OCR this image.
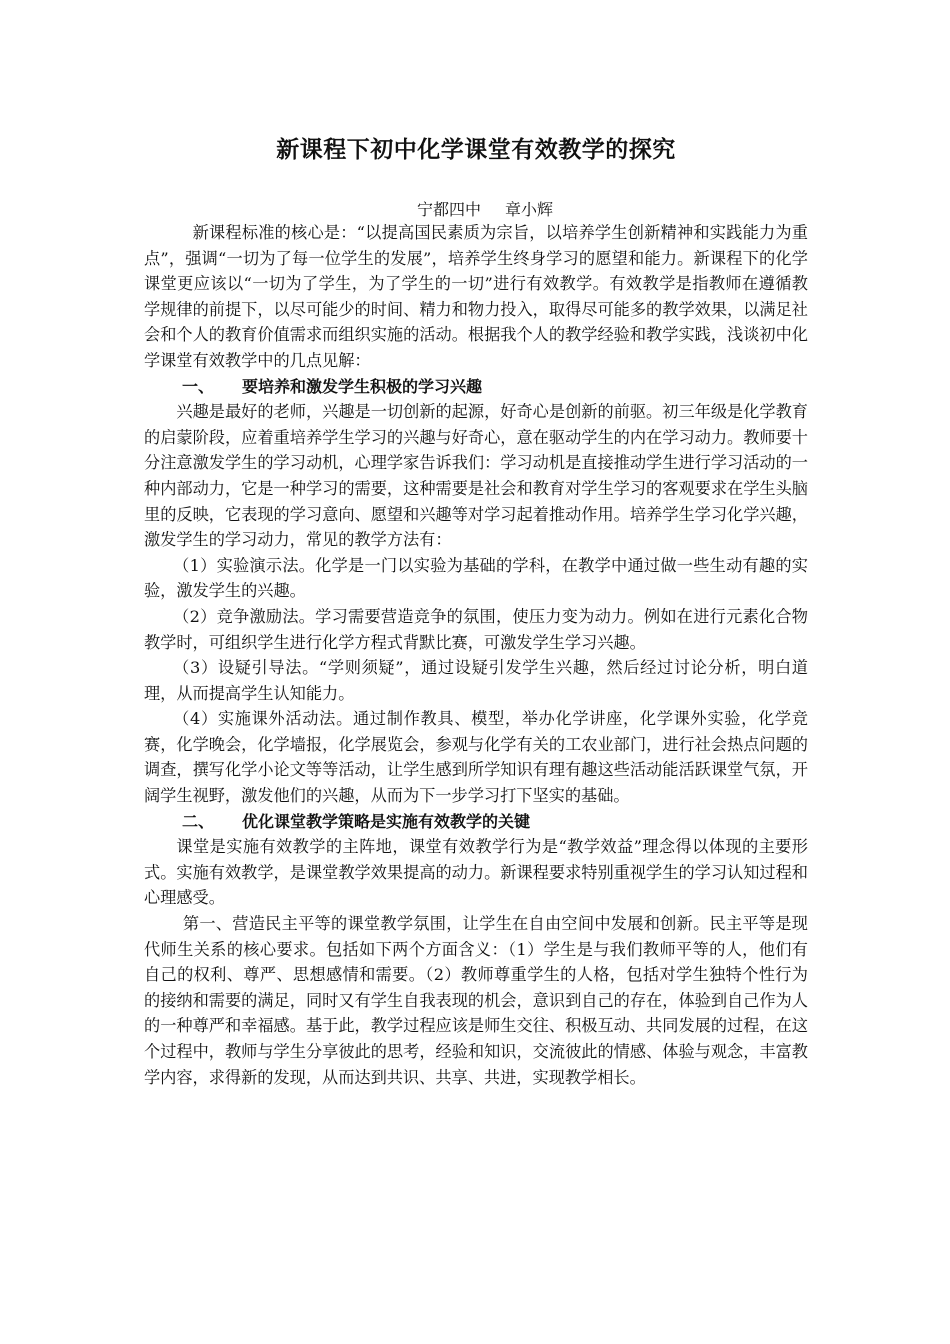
新课程下初中化学课堂有效教学的探究
宁都四中 章小辉

新课程标准的核心是：“以提高国民素质为宗旨，以培养学生创新精神和实践能力为重点”，强调“一切为了每一位学生的发展”，培养学生终身学习的愿望和能力。新课程下的化学课堂更应该以“一切为了学生，为了学生的一切”进行有效教学。有效教学是指教师在遵循教学规律的前提下，以尽可能少的时间、精力和物力投入，取得尽可能多的教学效果，以满足社会和个人的教育价值需求而组织实施的活动。根据我个人的教学经验和教学实践，浅谈初中化学课堂有效教学中的几点见解：

一、 要培养和激发学生积极的学习兴趣

兴趣是最好的老师，兴趣是一切创新的起源，好奇心是创新的前驱。初三年级是化学教育的启蒙阶段，应着重培养学生学习的兴趣与好奇心，意在驱动学生的内在学习动力。教师要十分注意激发学生的学习动机，心理学家告诉我们：学习动机是直接推动学生进行学习活动的一种内部动力，它是一种学习的需要，这种需要是社会和教育对学生学习的客观要求在学生头脑里的反映，它表现的学习意向、愿望和兴趣等对学习起着推动作用。培养学生学习化学兴趣，激发学生的学习动力，常见的教学方法有：

（1）实验演示法。化学是一门以实验为基础的学科，在教学中通过做一些生动有趣的实验，激发学生的兴趣。

（2）竞争激励法。学习需要营造竞争的氛围，使压力变为动力。例如在进行元素化合物教学时，可组织学生进行化学方程式背默比赛，可激发学生学习兴趣。

（3）设疑引导法。“学则须疑”，通过设疑引发学生兴趣，然后经过讨论分析，明白道理，从而提高学生认知能力。

（4）实施课外活动法。通过制作教具、模型，举办化学讲座，化学课外实验，化学竞赛，化学晚会，化学墙报，化学展览会，参观与化学有关的工农业部门，进行社会热点问题的调查，撰写化学小论文等等活动，让学生感到所学知识有理有趣这些活动能活跃课堂气氛，开阔学生视野，激发他们的兴趣，从而为下一步学习打下坚实的基础。

二、 优化课堂教学策略是实施有效教学的关键

课堂是实施有效教学的主阵地，课堂有效教学行为是“教学效益”理念得以体现的主要形式。实施有效教学，是课堂教学效果提高的动力。新课程要求特别重视学生的学习认知过程和心理感受。

第一、营造民主平等的课堂教学氛围，让学生在自由空间中发展和创新。民主平等是现代师生关系的核心要求。包括如下两个方面含义：（1）学生是与我们教师平等的人，他们有自己的权利、尊严、思想感情和需要。（2）教师尊重学生的人格，包括对学生独特个性行为的接纳和需要的满足，同时又有学生自我表现的机会，意识到自己的存在，体验到自己作为人的一种尊严和幸福感。基于此，教学过程应该是师生交往、积极互动、共同发展的过程，在这个过程中，教师与学生分享彼此的思考，经验和知识，交流彼此的情感、体验与观念，丰富教学内容，求得新的发现，从而达到共识、共享、共进，实现教学相长。
